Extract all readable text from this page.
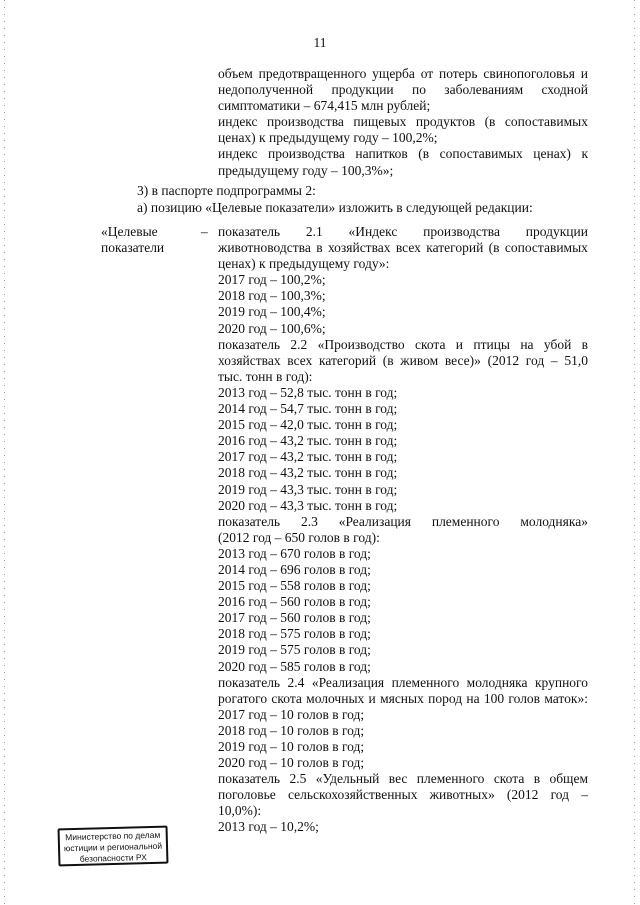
11
объем предотвращенного ущерба от потерь свинопоголовья и
недополученной продукции по заболеваниям сходной
симптоматики – 674,415 млн рублей;
индекс производства пищевых продуктов (в сопоставимых
ценах) к предыдущему году – 100,2%;
индекс производства напитков (в сопоставимых ценах) к
предыдущему году – 100,3%»;
3) в паспорте подпрограммы 2:
а) позицию «Целевые показатели» изложить в следующей редакции:
«Целевые
показатели
– показатель 2.1 «Индекс производства продукции
животноводства в хозяйствах всех категорий (в сопоставимых
ценах) к предыдущему году»:
2017 год – 100,2%;
2018 год – 100,3%;
2019 год – 100,4%;
2020 год – 100,6%;
показатель 2.2 «Производство скота и птицы на убой в
хозяйствах всех категорий (в живом весе)» (2012 год – 51,0
тыс. тонн в год):
2013 год – 52,8 тыс. тонн в год;
2014 год – 54,7 тыс. тонн в год;
2015 год – 42,0 тыс. тонн в год;
2016 год – 43,2 тыс. тонн в год;
2017 год – 43,2 тыс. тонн в год;
2018 год – 43,2 тыс. тонн в год;
2019 год – 43,3 тыс. тонн в год;
2020 год – 43,3 тыс. тонн в год;
показатель 2.3 «Реализация племенного молодняка»
(2012 год – 650 голов в год):
2013 год – 670 голов в год;
2014 год – 696 голов в год;
2015 год – 558 голов в год;
2016 год – 560 голов в год;
2017 год – 560 голов в год;
2018 год – 575 голов в год;
2019 год – 575 голов в год;
2020 год – 585 голов в год;
показатель 2.4 «Реализация племенного молодняка крупного
рогатого скота молочных и мясных пород на 100 голов маток»:
2017 год – 10 голов в год;
2018 год – 10 голов в год;
2019 год – 10 голов в год;
2020 год – 10 голов в год;
показатель 2.5 «Удельный вес племенного скота в общем
поголовье сельскохозяйственных животных» (2012 год –
10,0%):
2013 год – 10,2%;
Министерство по делам
юстиции и региональной
безопасности РХ
